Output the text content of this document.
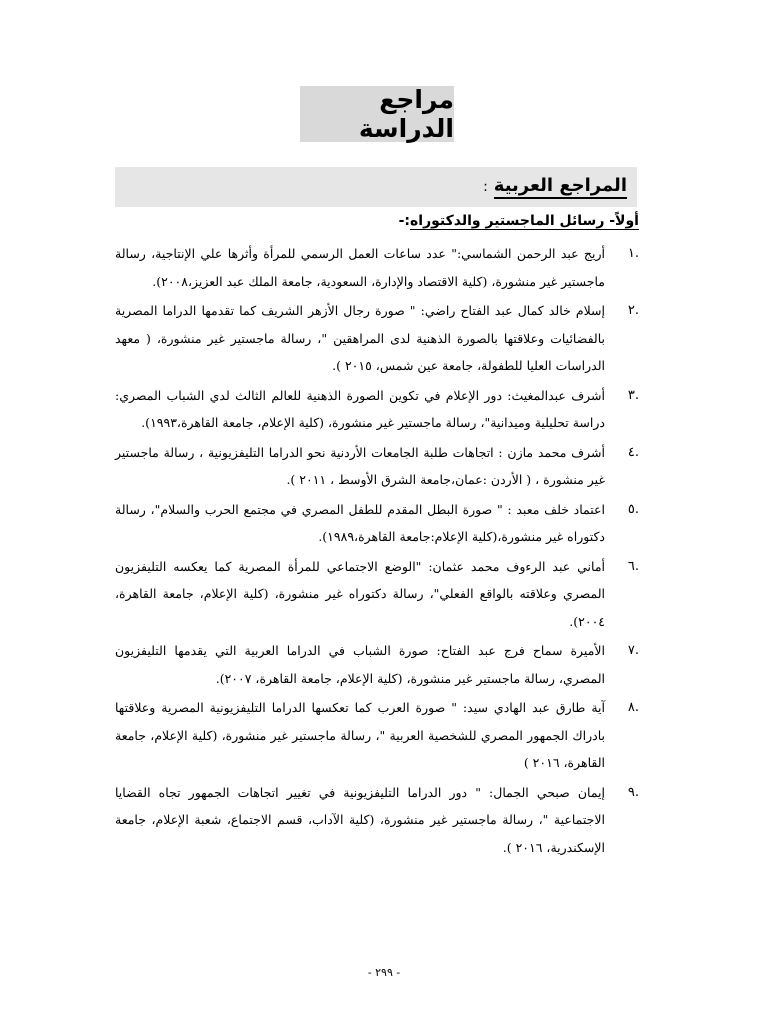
مراجع الدراسة
المراجع العربية
:
أولاً- رسائل الماجستير والدكتوراه:-
.١
أريج عبد الرحمن الشماسي:" عدد ساعات العمل الرسمي للمرأة وأثرها علي الإنتاجية، رسالة ماجستير غير منشورة، (كلية الاقتصاد والإدارة، السعودية، جامعة الملك عبد العزيز،٢٠٠٨).
.٢
إسلام خالد كمال عبد الفتاح راضي: " صورة رجال الأزهر الشريف كما تقدمها الدراما المصرية بالفضائيات وعلاقتها بالصورة الذهنية لدى المراهقين "، رسالة ماجستير غير منشورة، ( معهد الدراسات العليا للطفولة، جامعة عين شمس، ٢٠١٥ ).
.٣
أشرف عبدالمغيث: دور الإعلام في تكوين الصورة الذهنية للعالم الثالث لدي الشباب المصري: دراسة تحليلية وميدانية"، رسالة ماجستير غير منشورة، (كلية الإعلام، جامعة القاهرة،١٩٩٣).
.٤
أشرف محمد مازن : اتجاهات طلبة الجامعات الأردنية نحو الدراما التليفزيونية ، رسالة ماجستير غير منشورة ، ( الأردن :عمان،جامعة الشرق الأوسط ، ٢٠١١ ).
.٥
اعتماد خلف معبد : " صورة البطل المقدم للطفل المصري في مجتمع الحرب والسلام"، رسالة دكتوراه غير منشورة،(كلية الإعلام:جامعة القاهرة،١٩٨٩).
.٦
أماني عبد الرءوف محمد عثمان: "الوضع الاجتماعي للمرأة المصرية كما يعكسه التليفزيون المصري وعلاقته بالواقع الفعلي"، رسالة دكتوراه غير منشورة، (كلية الإعلام، جامعة القاهرة، ٢٠٠٤).
.٧
الأميرة سماح فرج عبد الفتاح: صورة الشباب في الدراما العربية التي يقدمها التليفزيون المصري، رسالة ماجستير غير منشورة، (كلية الإعلام، جامعة القاهرة، ٢٠٠٧).
.٨
آية طارق عبد الهادي سيد: " صورة العرب كما تعكسها الدراما التليفزيونية المصرية وعلاقتها بادراك الجمهور المصري للشخصية العربية "، رسالة ماجستير غير منشورة، (كلية الإعلام، جامعة القاهرة، ٢٠١٦ )
.٩
إيمان صبحي الجمال: " دور الدراما التليفزيونية في تغيير اتجاهات الجمهور تجاه القضايا الاجتماعية "، رسالة ماجستير غير منشورة، (كلية الآداب، قسم الاجتماع، شعبة الإعلام، جامعة الإسكندرية، ٢٠١٦ ).
- ٢٩٩ -
